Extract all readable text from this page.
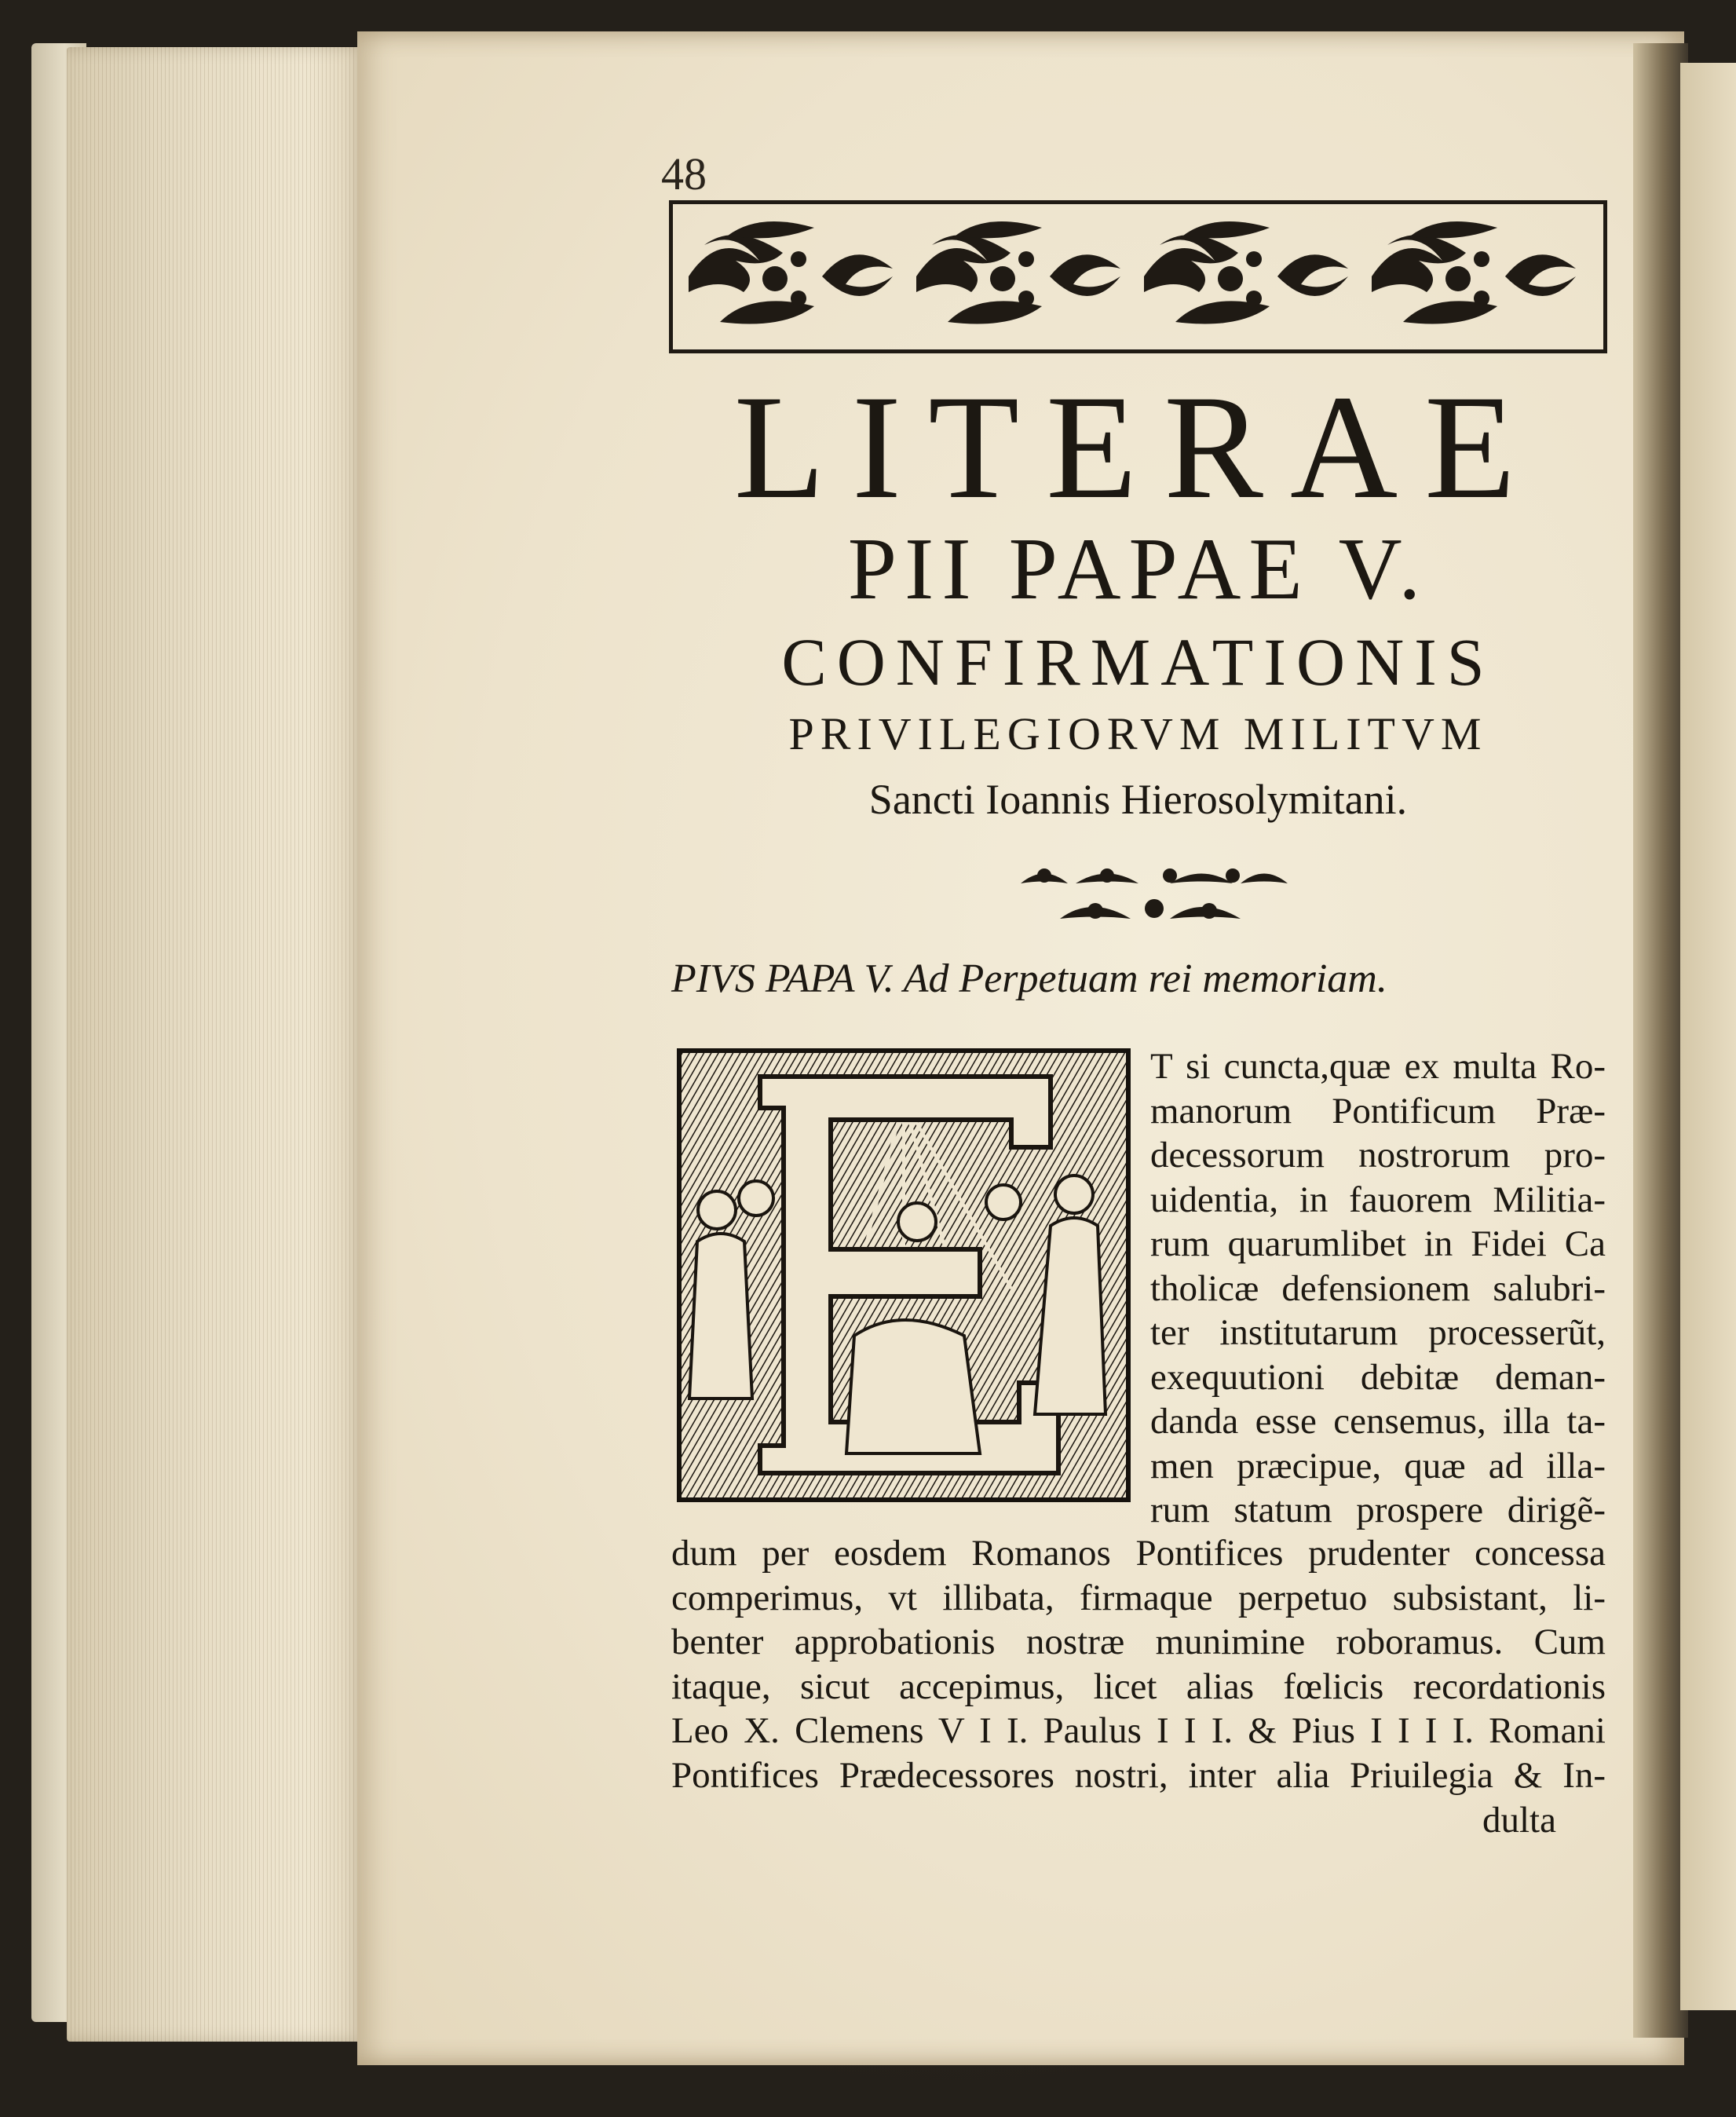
48
LITERAE
PII PAPAE V.
CONFIRMATIONIS
PRIVILEGIORVM MILITVM
Sancti Ioannis Hierosolymitani.
PIVS PAPA V. Ad Perpetuam rei memoriam.
T si cuncta,quæ ex multa Ro-
manorum Pontificum Præ-
decessorum nostrorum pro-
uidentia, in fauorem Militia-
rum quarumlibet in Fidei Ca
tholicæ defensionem salubri-
ter institutarum processerũt,
exequutioni debitæ deman-
danda esse censemus, illa ta-
men præcipue, quæ ad illa-
rum statum prospere dirigẽ-
dum per eosdem Romanos Pontifices prudenter concessa
comperimus, vt illibata, firmaque perpetuo subsistant, li-
benter approbationis nostræ munimine roboramus. Cum
itaque, sicut accepimus, licet alias fœlicis recordationis
Leo X. Clemens V I I. Paulus I I I. & Pius I I I I. Romani
Pontifices Prædecessores nostri, inter alia Priuilegia & In-
dulta
